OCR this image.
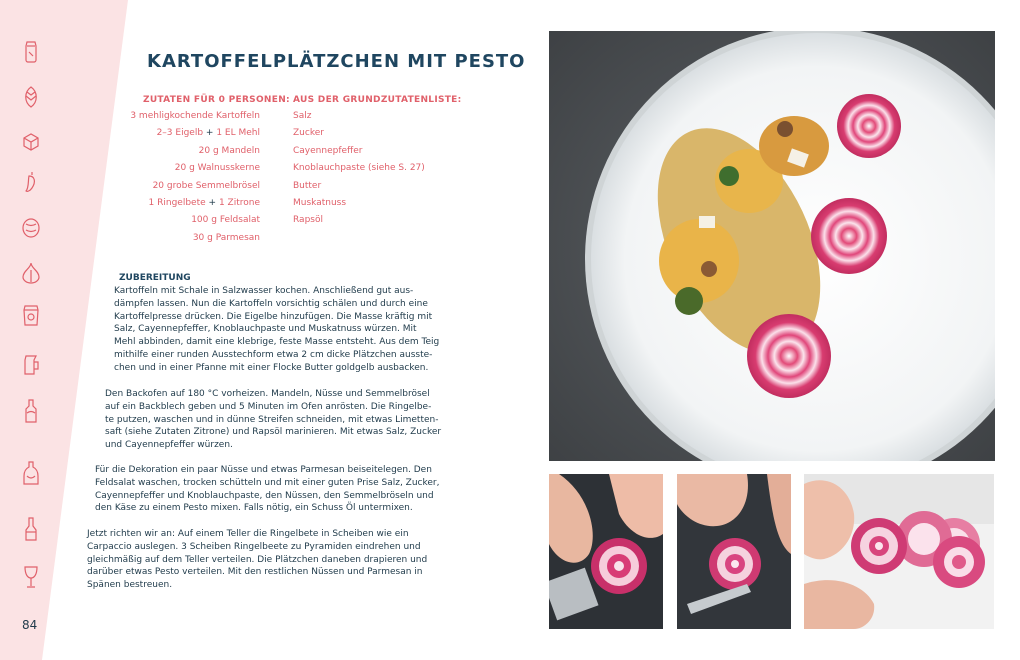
84
KARTOFFELPLÄTZCHEN MIT PESTO
ZUTATEN FÜR 0 PERSONEN: AUS DER GRUNDZUTATENLISTE:
3 mehligkochende Kartoffeln
2–3 Eigelb + 1 EL Mehl
20 g Mandeln
20 g Walnusskerne
20 grobe Semmelbrösel
1 Ringelbete + 1 Zitrone
100 g Feldsalat
30 g Parmesan
Salz
Zucker
Cayennepfeffer
Knoblauchpaste (siehe S. 27)
Butter
Muskatnuss
Rapsöl
ZUBEREITUNG
Kartoffeln mit Schale in Salzwasser kochen. Anschließend gut aus-
dämpfen lassen. Nun die Kartoffeln vorsichtig schälen und durch eine
Kartoffelpresse drücken. Die Eigelbe hinzufügen. Die Masse kräftig mit
Salz, Cayennepfeffer, Knoblauchpaste und Muskatnuss würzen. Mit
Mehl abbinden, damit eine klebrige, feste Masse entsteht. Aus dem Teig
mithilfe einer runden Ausstechform etwa 2 cm dicke Plätzchen ausste-
chen und in einer Pfanne mit einer Flocke Butter goldgelb ausbacken.
Den Backofen auf 180 °C vorheizen. Mandeln, Nüsse und Semmelbrösel
auf ein Backblech geben und 5 Minuten im Ofen anrösten. Die Ringelbe-
te putzen, waschen und in dünne Streifen schneiden, mit etwas Limetten-
saft (siehe Zutaten Zitrone) und Rapsöl marinieren. Mit etwas Salz, Zucker
und Cayennepfeffer würzen.
Für die Dekoration ein paar Nüsse und etwas Parmesan beiseitelegen. Den
Feldsalat waschen, trocken schütteln und mit einer guten Prise Salz, Zucker,
Cayennepfeffer und Knoblauchpaste, den Nüssen, den Semmelbröseln und
den Käse zu einem Pesto mixen. Falls nötig, ein Schuss Öl untermixen.
Jetzt richten wir an: Auf einem Teller die Ringelbete in Scheiben wie ein
Carpaccio auslegen. 3 Scheiben Ringelbeete zu Pyramiden eindrehen und
gleichmäßig auf dem Teller verteilen. Die Plätzchen daneben drapieren und
darüber etwas Pesto verteilen. Mit den restlichen Nüssen und Parmesan in
Spänen bestreuen.
